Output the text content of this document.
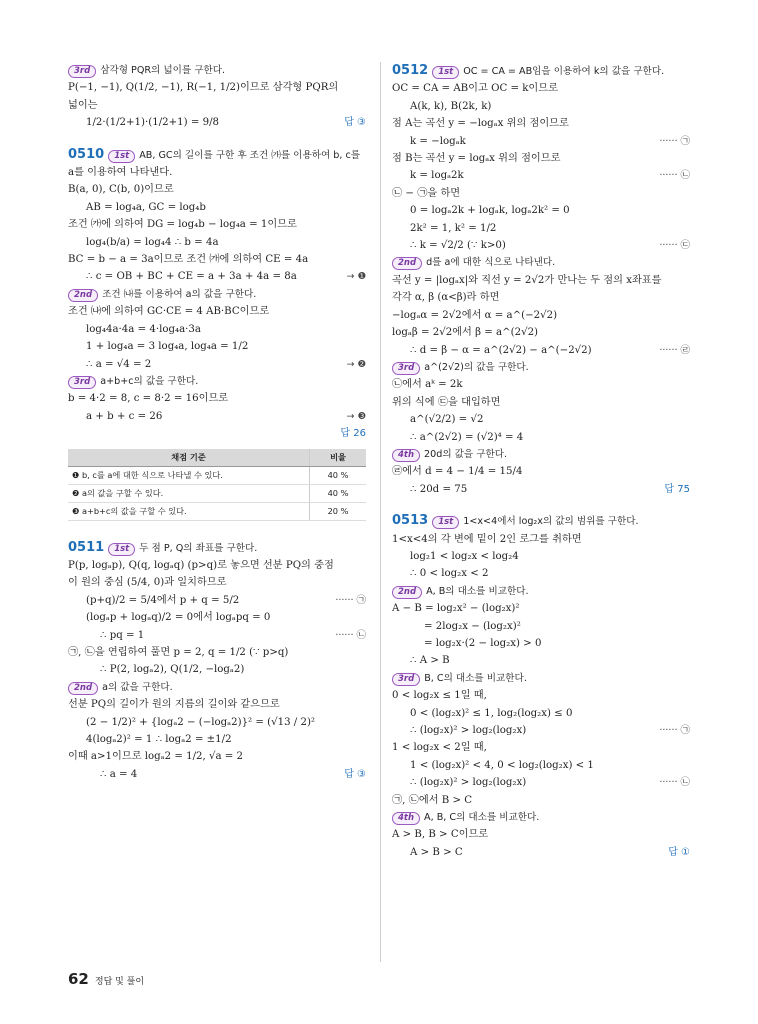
3rd 삼각형 PQR의 넓이를 구한다.
P(−1, −1), Q(1/2, −1), R(−1, 1/2)이므로 삼각형 PQR의
넓이는
1/2·(1/2+1)·(1/2+1) = 9/8	답 ③
0510 1st AB, GC의 길이를 구한 후 조건 ㈎를 이용하여 b, c를
a를 이용하여 나타낸다.
B(a, 0), C(b, 0)이므로
AB = log₄a, GC = log₄b
조건 ㈎에 의하여 DG = log₄b − log₄a = 1이므로
log₄(b/a) = log₄4 ∴ b = 4a
BC = b − a = 3a이므로 조건 ㈎에 의하여 CE = 4a
∴ c = OB + BC + CE = a + 3a + 4a = 8a	→ ❶
2nd 조건 ㈏를 이용하여 a의 값을 구한다.
조건 ㈏에 의하여 GC·CE = 4 AB·BC이므로
log₄4a·4a = 4·log₄a·3a
1 + log₄a = 3 log₄a, log₄a = 1/2
∴ a = √4 = 2	→ ❷
3rd a+b+c의 값을 구한다.
b = 4·2 = 8, c = 8·2 = 16이므로
a + b + c = 26	→ ❸
답 26
채점 기준	비율
❶ b, c를 a에 대한 식으로 나타낼 수 있다.	40 %
❷ a의 값을 구할 수 있다.	40 %
❸ a+b+c의 값을 구할 수 있다.	20 %
0511 1st 두 점 P, Q의 좌표를 구한다.
P(p, logₐp), Q(q, logₐq) (p>q)로 놓으면 선분 PQ의 중점
이 원의 중심 (5/4, 0)과 일치하므로
(p+q)/2 = 5/4에서 p + q = 5/2	······ ㉠
(logₐp + logₐq)/2 = 0에서 logₐpq = 0
∴ pq = 1	······ ㉡
㉠, ㉡을 연립하여 풀면 p = 2, q = 1/2 (∵ p>q)
∴ P(2, logₐ2), Q(1/2, −logₐ2)
2nd a의 값을 구한다.
선분 PQ의 길이가 원의 지름의 길이와 같으므로
(2 − 1/2)² + {logₐ2 − (−logₐ2)}² = (√13 / 2)²
4(logₐ2)² = 1 ∴ logₐ2 = ±1/2
이때 a>1이므로 logₐ2 = 1/2, √a = 2
∴ a = 4	답 ③
0512 1st OC = CA = AB임을 이용하여 k의 값을 구한다.
OC = CA = AB이고 OC = k이므로
A(k, k), B(2k, k)
점 A는 곡선 y = −logₐx 위의 점이므로
k = −logₐk	······ ㉠
점 B는 곡선 y = logₐx 위의 점이므로
k = logₐ2k	······ ㉡
㉡ − ㉠을 하면
0 = logₐ2k + logₐk, logₐ2k² = 0
2k² = 1, k² = 1/2
∴ k = √2/2 (∵ k>0)	······ ㉢
2nd d를 a에 대한 식으로 나타낸다.
곡선 y = |logₐx|와 직선 y = 2√2가 만나는 두 점의 x좌표를
각각 α, β (α<β)라 하면
−logₐα = 2√2에서 α = a^(−2√2)
logₐβ = 2√2에서 β = a^(2√2)
∴ d = β − α = a^(2√2) − a^(−2√2)	······ ㉣
3rd a^(2√2)의 값을 구한다.
㉡에서 aᵏ = 2k
위의 식에 ㉢을 대입하면
a^(√2/2) = √2
∴ a^(2√2) = (√2)⁴ = 4
4th 20d의 값을 구한다.
㉣에서 d = 4 − 1/4 = 15/4
∴ 20d = 75	답 75
0513 1st 1<x<4에서 log₂x의 값의 범위를 구한다.
1<x<4의 각 변에 밑이 2인 로그를 취하면
log₂1 < log₂x < log₂4
∴ 0 < log₂x < 2
2nd A, B의 대소를 비교한다.
A − B = log₂x² − (log₂x)²
= 2log₂x − (log₂x)²
= log₂x·(2 − log₂x) > 0
∴ A > B
3rd B, C의 대소를 비교한다.
0 < log₂x ≤ 1일 때,
0 < (log₂x)² ≤ 1, log₂(log₂x) ≤ 0
∴ (log₂x)² > log₂(log₂x)	······ ㉠
1 < log₂x < 2일 때,
1 < (log₂x)² < 4, 0 < log₂(log₂x) < 1
∴ (log₂x)² > log₂(log₂x)	······ ㉡
㉠, ㉡에서 B > C
4th A, B, C의 대소를 비교한다.
A > B, B > C이므로
A > B > C	답 ①
62 정답 및 풀이
